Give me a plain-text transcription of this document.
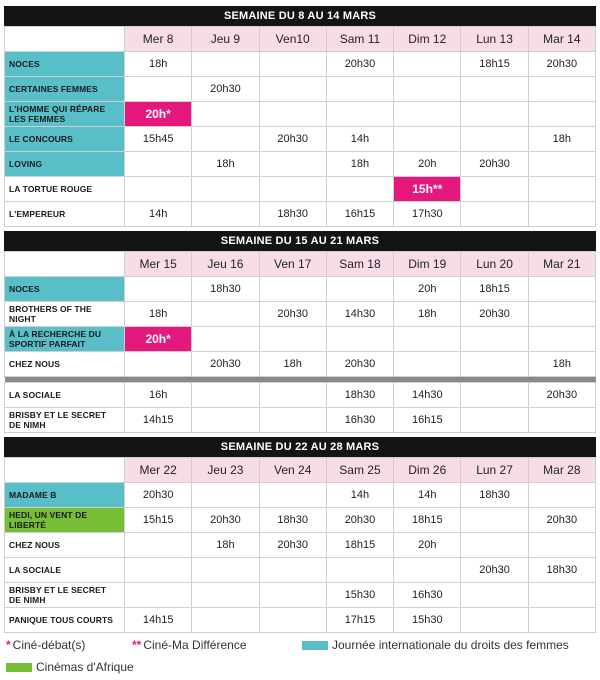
SEMAINE DU 8 AU 14 MARS
	Mer 8	Jeu 9	Ven10	Sam 11	Dim 12	Lun 13	Mar 14
NOCES	18h			20h30		18h15	20h30
CERTAINES FEMMES		20h30					
L'HOMME QUI RÉPARE LES FEMMES	20h*						
LE CONCOURS	15h45		20h30	14h			18h
LOVING		18h		18h	20h	20h30	
LA TORTUE ROUGE					15h**		
L'EMPEREUR	14h		18h30	16h15	17h30		
SEMAINE DU 15 AU 21 MARS
	Mer 15	Jeu 16	Ven 17	Sam 18	Dim 19	Lun 20	Mar 21
NOCES		18h30			20h	18h15	
BROTHERS OF THE NIGHT	18h		20h30	14h30	18h	20h30	
À LA RECHERCHE DU SPORTIF PARFAIT	20h*						
CHEZ NOUS		20h30	18h	20h30			18h

LA SOCIALE	16h			18h30	14h30		20h30
BRISBY ET LE SECRET DE NIMH	14h15			16h30	16h15		
SEMAINE DU 22 AU 28 MARS
	Mer 22	Jeu 23	Ven 24	Sam 25	Dim 26	Lun 27	Mar 28
MADAME B	20h30			14h	14h	18h30	
HEDI, UN VENT DE LIBERTÉ	15h15	20h30	18h30	20h30	18h15		20h30
CHEZ NOUS		18h	20h30	18h15	20h		
LA SOCIALE						20h30	18h30
BRISBY ET LE SECRET DE NIMH				15h30	16h30		
PANIQUE TOUS COURTS	14h15			17h15	15h30		
* Ciné-débat(s)	** Ciné-Ma Différence	Journée internationale du droits des femmes
Cinémas d'Afrique
